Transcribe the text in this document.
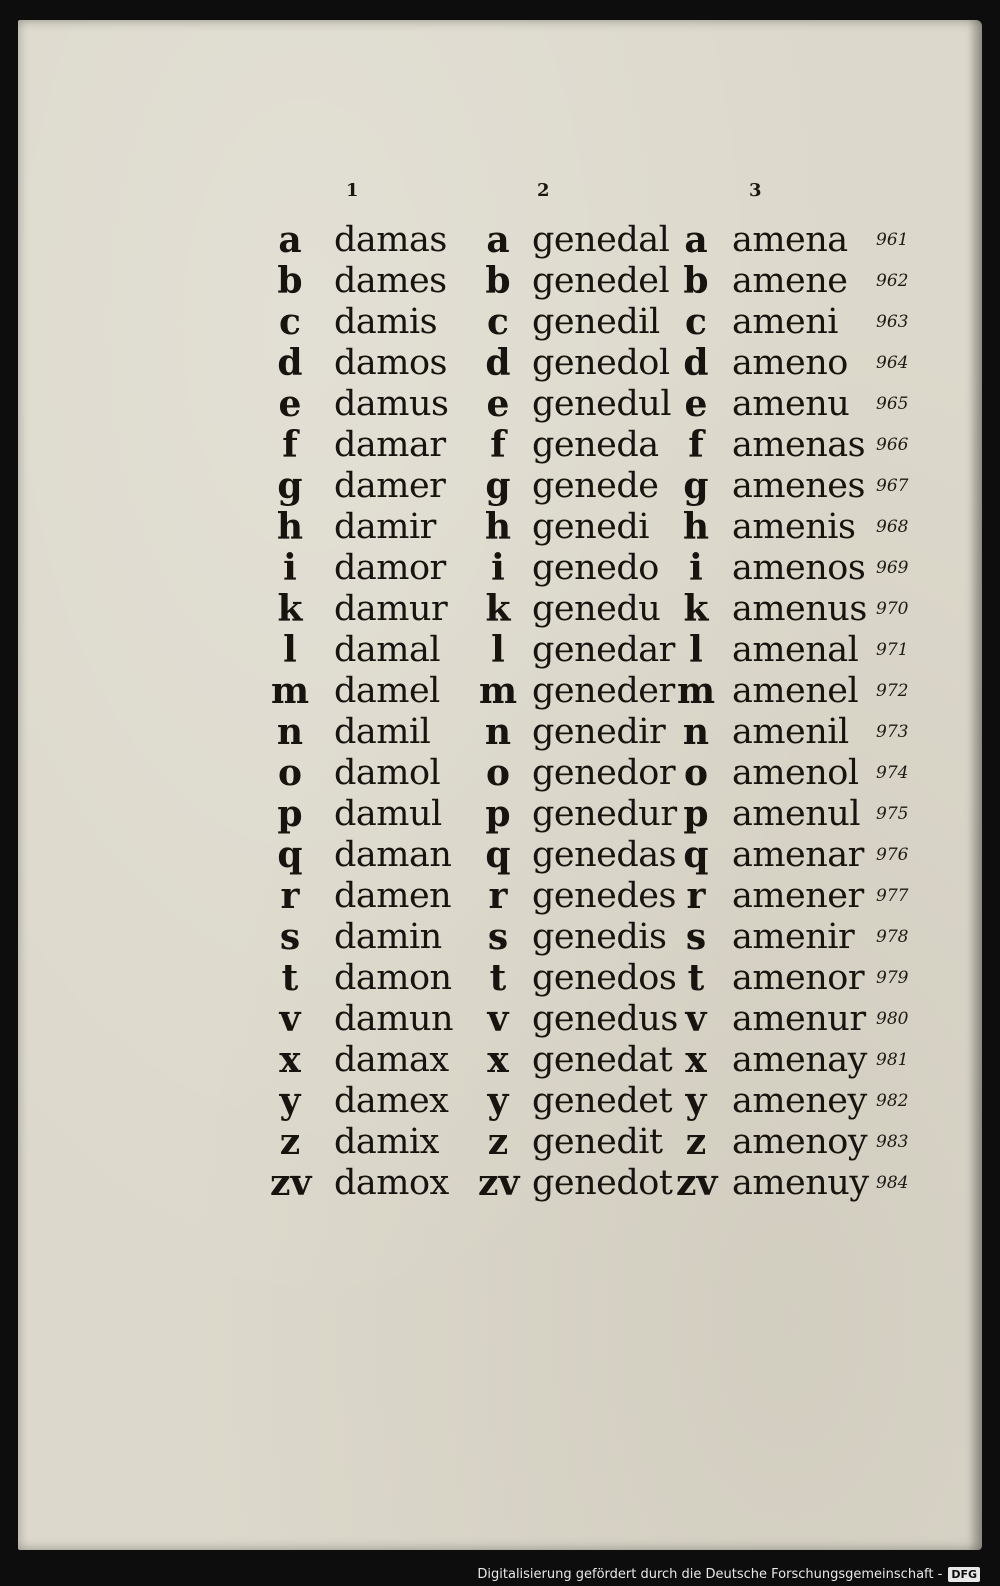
1	2	3
a damas a genedal a amena 961
b dames b genedel b amene 962
c damis c genedil c ameni 963
d damos d genedol d ameno 964
e damus e genedul e amenu 965
f	damar	f geneda f amenas 966
g damer g genede g amenes 967
h damir h genedi h amenis 968
i	damor	i genedo i amenos 969
k damur k genedu k amenus 970
l	damal	l genedar l amenal 971
m damel m geneder m amenel 972
n damil n genedir n amenil 973
o damol o genedor o amenol 974
p damul p genedur p amenul 975
q daman q genedas q amenar 976
r damen r genedes r amener 977
s damin s genedis s amenir 978
t	damon	t genedos t amenor 979
v damun v genedus v amenur 980
x damax x genedat x amenay 981
y damex y genedet y ameney 982
z damix z genedit z amenoy 983
zv damox zv genedot zv amenuy 984
Digitalisierung gefördert durch die Deutsche Forschungsgemeinschaft - DFG
